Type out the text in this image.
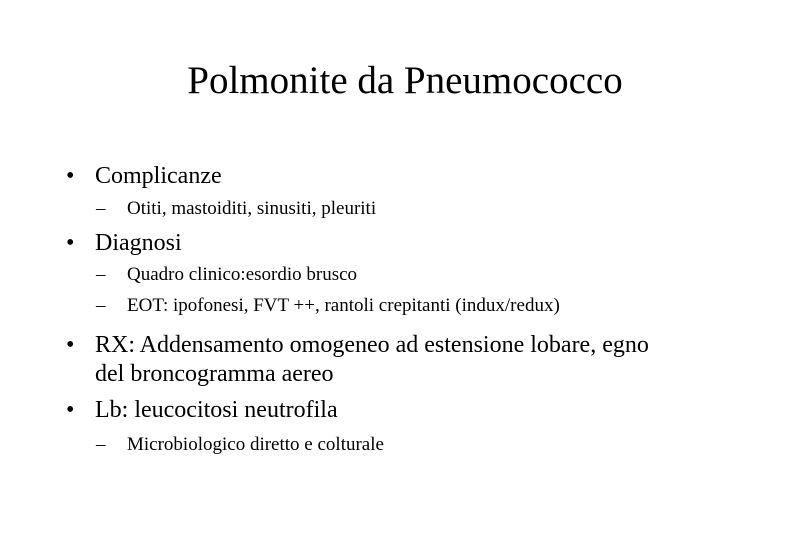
Polmonite da Pneumococco
• Complicanze
– Otiti, mastoiditi, sinusiti, pleuriti
• Diagnosi
– Quadro clinico:esordio brusco
– EOT: ipofonesi, FVT ++, rantoli crepitanti (indux/redux)
• RX: Addensamento omogeneo ad estensione lobare, egno
del broncogramma aereo
• Lb: leucocitosi neutrofila
– Microbiologico diretto e colturale
